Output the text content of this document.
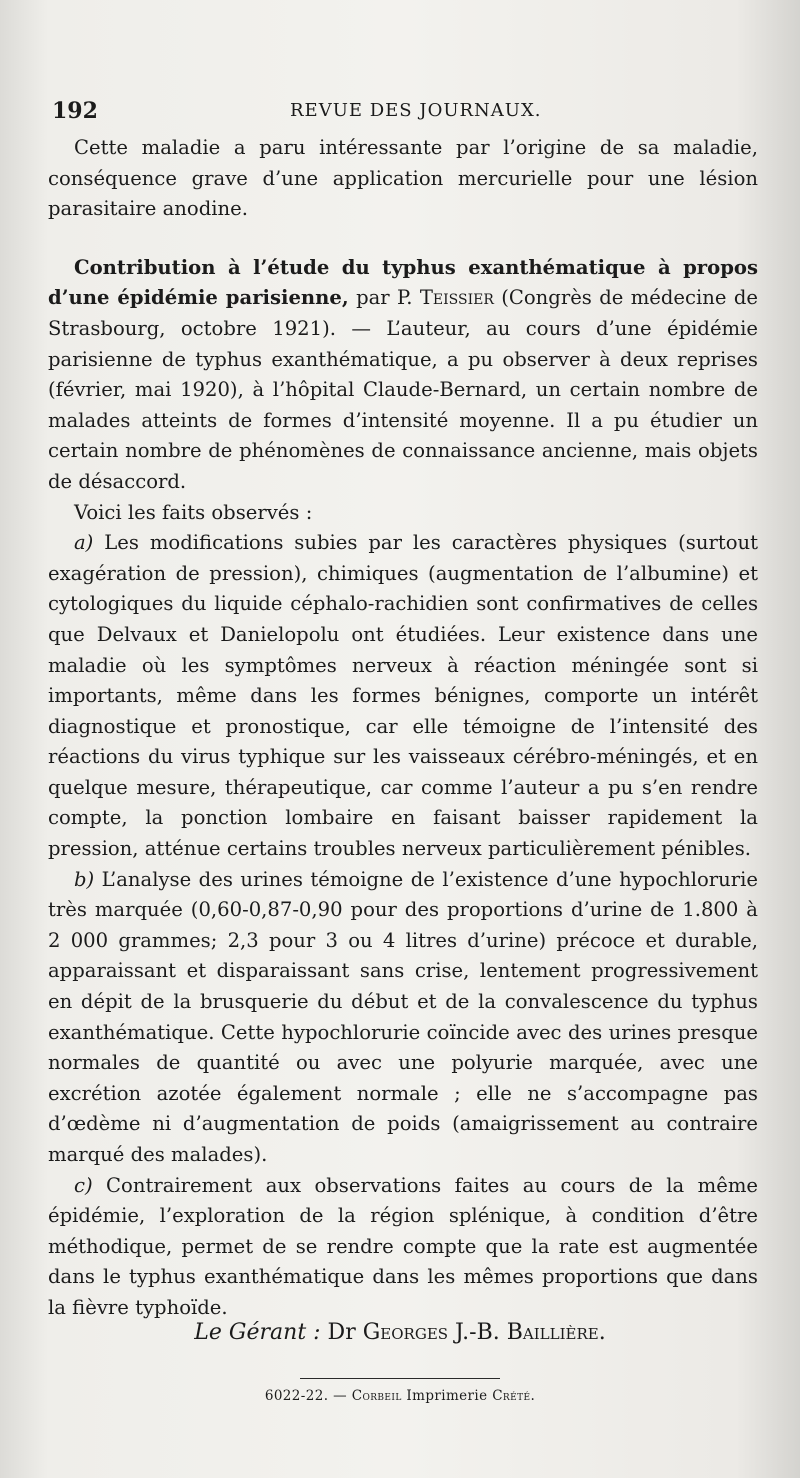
192	REVUE DES JOURNAUX.

Cette maladie a paru intéressante par l’origine de sa maladie, conséquence grave d’une application mercurielle pour une lésion parasitaire anodine.

Contribution à l’étude du typhus exanthématique à propos d’une épidémie parisienne, par P. Teissier (Congrès de médecine de Strasbourg, octobre 1921). — L’auteur, au cours d’une épidémie parisienne de typhus exanthématique, a pu observer à deux reprises (février, mai 1920), à l’hôpital Claude-Bernard, un certain nombre de malades atteints de formes d’intensité moyenne. Il a pu étudier un certain nombre de phénomènes de connaissance ancienne, mais objets de désaccord.

Voici les faits observés :

a) Les modifications subies par les caractères physiques (surtout exagération de pression), chimiques (augmentation de l’albumine) et cytologiques du liquide céphalo-rachidien sont confirmatives de celles que Delvaux et Danielopolu ont étudiées. Leur existence dans une maladie où les symptômes nerveux à réaction méningée sont si importants, même dans les formes bénignes, comporte un intérêt diagnostique et pronostique, car elle témoigne de l’intensité des réactions du virus typhique sur les vaisseaux cérébro-méningés, et en quelque mesure, thérapeutique, car comme l’auteur a pu s’en rendre compte, la ponction lombaire en faisant baisser rapidement la pression, atténue certains troubles nerveux particulièrement pénibles.

b) L’analyse des urines témoigne de l’existence d’une hypochlorurie très marquée (0,60-0,87-0,90 pour des proportions d’urine de 1.800 à 2 000 grammes; 2,3 pour 3 ou 4 litres d’urine) précoce et durable, apparaissant et disparaissant sans crise, lentement progressivement en dépit de la brusquerie du début et de la convalescence du typhus exanthématique. Cette hypochlorurie coïncide avec des urines presque normales de quantité ou avec une polyurie marquée, avec une excrétion azotée également normale ; elle ne s’accompagne pas d’œdème ni d’augmentation de poids (amaigrissement au contraire marqué des malades).

c) Contrairement aux observations faites au cours de la même épidémie, l’exploration de la région splénique, à condition d’être méthodique, permet de se rendre compte que la rate est augmentée dans le typhus exanthématique dans les mêmes proportions que dans la fièvre typhoïde.

Le Gérant : Dr Georges J.-B. Baillière.
6022-22. — Corbeil Imprimerie Crété.
